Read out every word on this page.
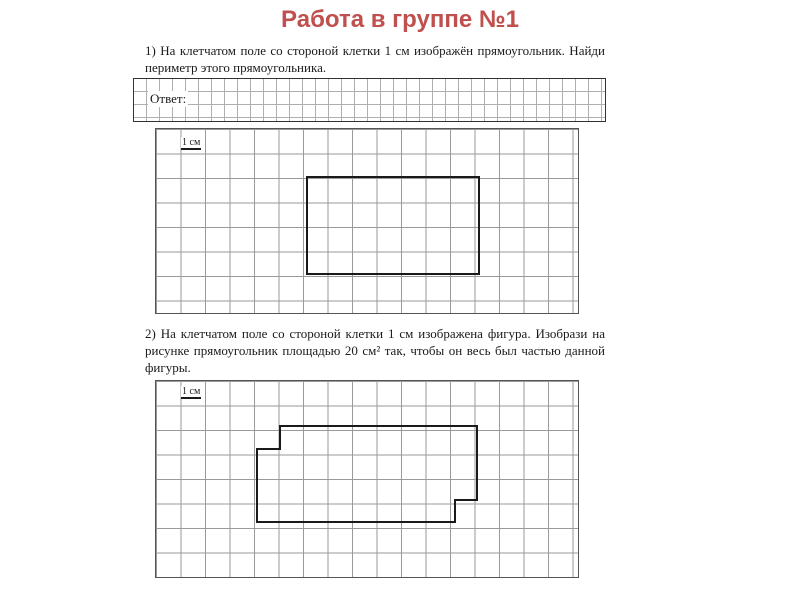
Работа в группе №1
1) На клетчатом поле со стороной клетки 1 см изображён прямоугольник. Найди периметр этого прямоугольника.
Ответ:
1 см
2) На клетчатом поле со стороной клетки 1 см изображена фигура. Изобрази на рисунке прямоугольник площадью 20 см² так, чтобы он весь был частью данной фигуры.
1 см
